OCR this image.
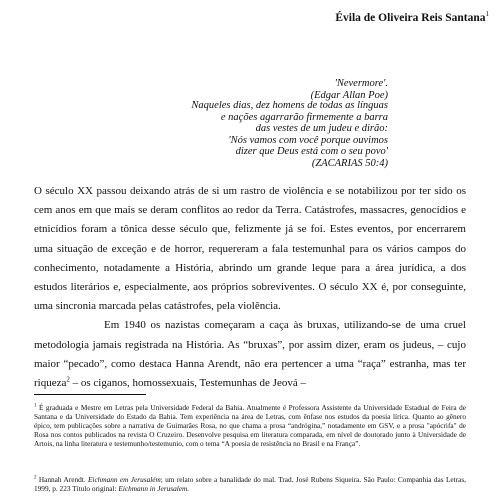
Évila de Oliveira Reis Santana$^1$
'Nevermore'.
(Edgar Allan Poe)
Naqueles dias, dez homens de todas as línguas
e nações agarrarão firmemente a barra
das vestes de um judeu e dirão:
'Nós vamos com você porque ouvimos
dizer que Deus está com o seu povo'
(ZACARIAS 50:4)

O século XX passou deixando atrás de si um rastro de violência e se notabilizou por ter sido os cem anos em que mais se deram conflitos ao redor da Terra. Catástrofes, massacres, genocídios e etnicídios foram a tônica desse século que, felizmente já se foi. Estes eventos, por encerrarem uma situação de exceção e de horror, requereram a fala testemunhal para os vários campos do conhecimento, notadamente a História, abrindo um grande leque para a área jurídica, a dos estudos literários e, especialmente, aos próprios sobreviventes. O século XX é, por conseguinte, uma sincronia marcada pelas catástrofes, pela violência.

Em 1940 os nazistas começaram a caça às bruxas, utilizando-se de uma cruel metodologia jamais registrada na História. As “bruxas”, por assim dizer, eram os judeus, – cujo maior “pecado”, como destaca Hanna Arendt, não era pertencer a uma “raça” estranha, mas ter riqueza$^2$ – os ciganos, homossexuais, Testemunhas de Jeová –

$^1$ É graduada e Mestre em Letras pela Universidade Federal da Bahia. Atualmente é Professora Assistente da Universidade Estadual de Feira de Santana e da Universidade do Estado da Bahia. Tem experiência na área de Letras, com ênfase nos estudos da poesia lírica. Quanto ao gênero épico, tem publicações sobre a narrativa de Guimarães Rosa, no que chama a prosa “andrógina,” notadamente em GSV, e a prosa "apócrifa" de Rosa nos contos publicados na revista O Cruzeiro. Desenvolve pesquisa em literatura comparada, em nível de doutorado junto à Universidade de Artois, na linha literatura e testemunho/testemunio, com o tema “A poesia de resistência no Brasil e na França”.
$^2$ Hannah Arendt. Eichmann em Jerusalém; um relato sobre a banalidade do mal. Trad. José Rubens Siqueira. São Paulo: Companhia das Letras, 1999, p. 223 Título original: Eichmann in Jerusalem.
